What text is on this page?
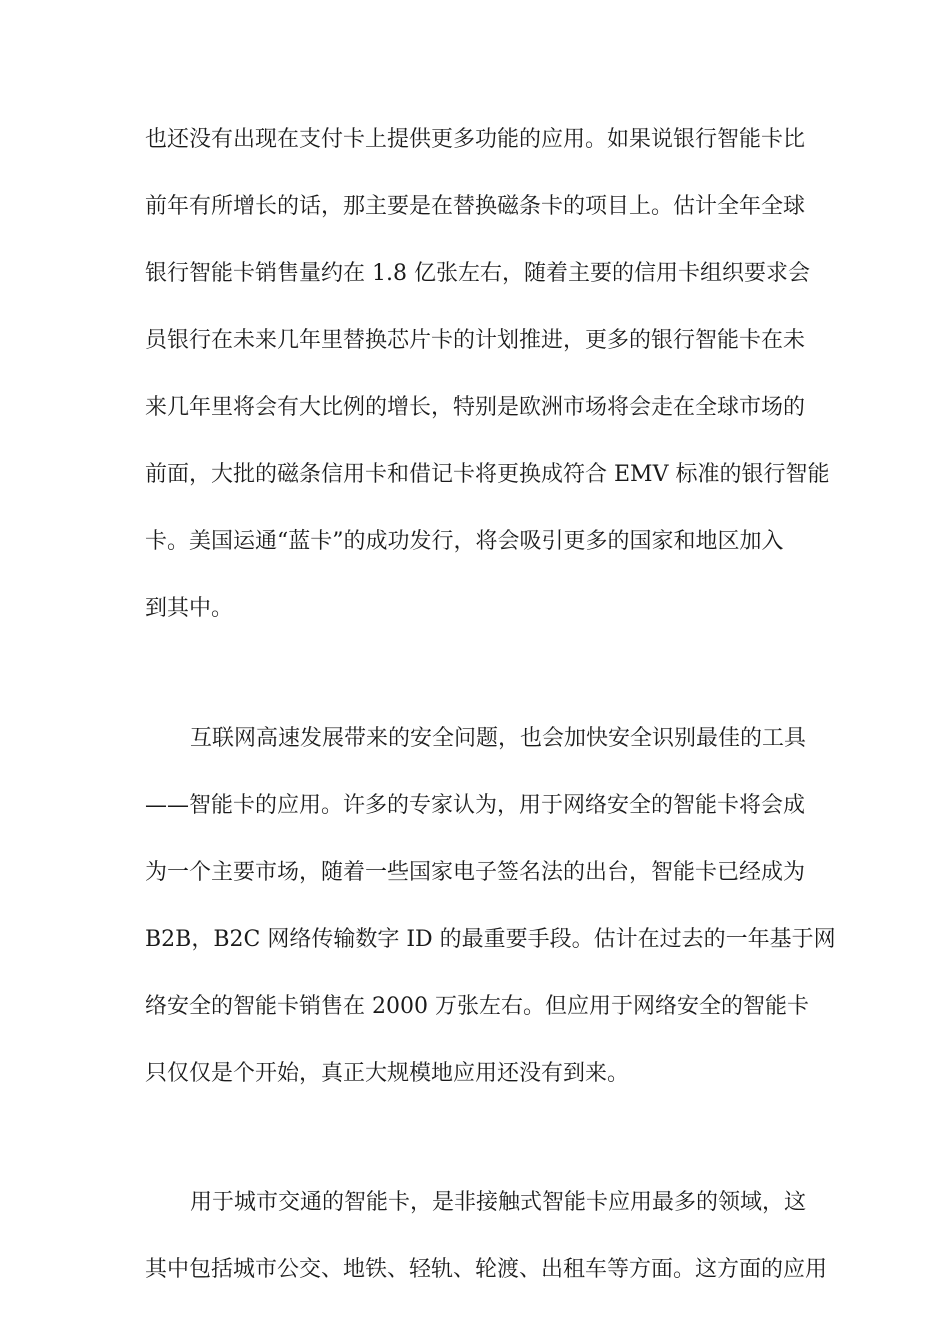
也还没有出现在支付卡上提供更多功能的应用。如果说银行智能卡比
前年有所增长的话，那主要是在替换磁条卡的项目上。估计全年全球
银行智能卡销售量约在 1.8 亿张左右，随着主要的信用卡组织要求会
员银行在未来几年里替换芯片卡的计划推进，更多的银行智能卡在未
来几年里将会有大比例的增长，特别是欧洲市场将会走在全球市场的
前面，大批的磁条信用卡和借记卡将更换成符合 EMV 标准的银行智能
卡。美国运通“蓝卡”的成功发行，将会吸引更多的国家和地区加入
到其中。
互联网高速发展带来的安全问题，也会加快安全识别最佳的工具
——智能卡的应用。许多的专家认为，用于网络安全的智能卡将会成
为一个主要市场，随着一些国家电子签名法的出台，智能卡已经成为
B2B，B2C 网络传输数字 ID 的最重要手段。估计在过去的一年基于网
络安全的智能卡销售在 2000 万张左右。但应用于网络安全的智能卡
只仅仅是个开始，真正大规模地应用还没有到来。
用于城市交通的智能卡，是非接触式智能卡应用最多的领域，这
其中包括城市公交、地铁、轻轨、轮渡、出租车等方面。这方面的应用
